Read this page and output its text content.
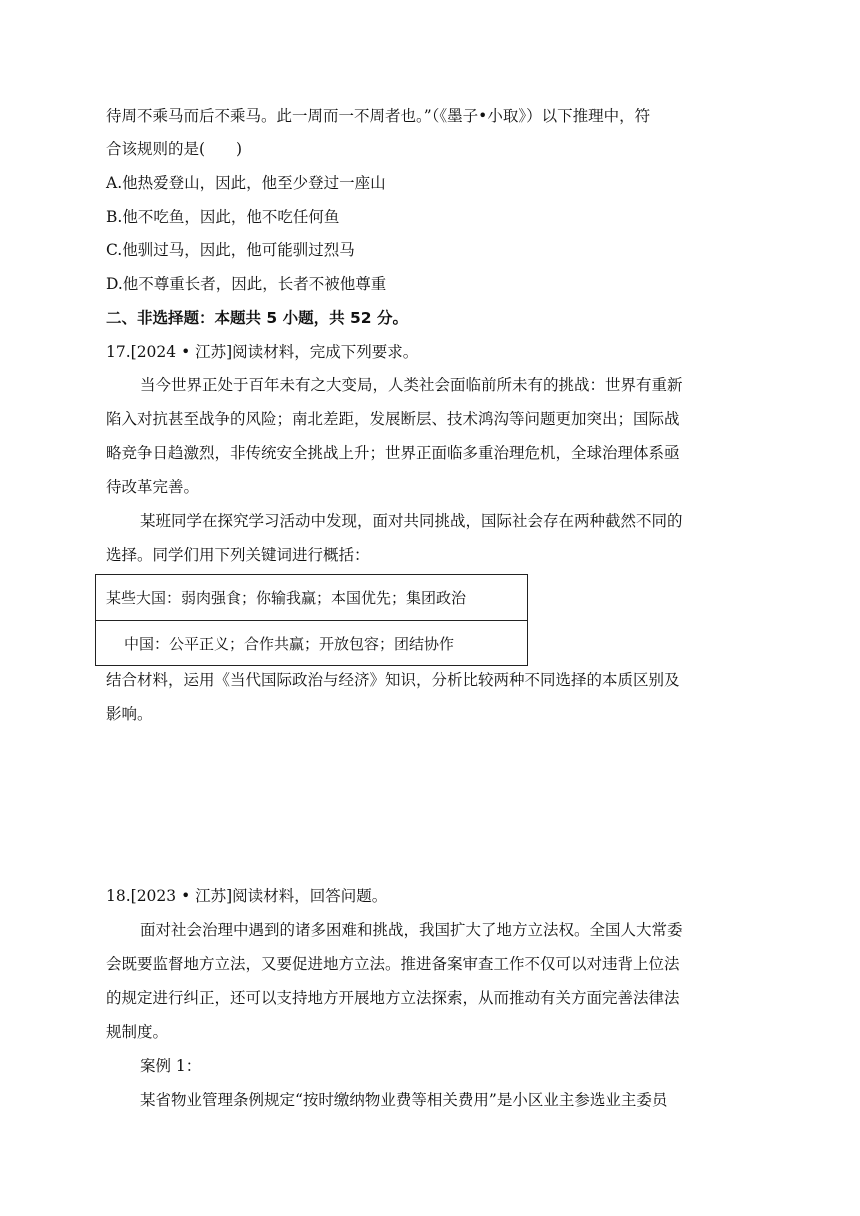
待周不乘马而后不乘马。此一周而一不周者也。”（《墨子•小取》）以下推理中，符
合该规则的是(　　)
A.他热爱登山，因此，他至少登过一座山
B.他不吃鱼，因此，他不吃任何鱼
C.他驯过马，因此，他可能驯过烈马
D.他不尊重长者，因此，长者不被他尊重
二、非选择题：本题共 5 小题，共 52 分。
17.[2024 • 江苏]阅读材料，完成下列要求。
当今世界正处于百年未有之大变局，人类社会面临前所未有的挑战：世界有重新
陷入对抗甚至战争的风险；南北差距，发展断层、技术鸿沟等问题更加突出；国际战
略竞争日趋激烈，非传统安全挑战上升；世界正面临多重治理危机，全球治理体系亟
待改革完善。
某班同学在探究学习活动中发现，面对共同挑战，国际社会存在两种截然不同的
选择。同学们用下列关键词进行概括：
某些大国：弱肉强食；你输我赢；本国优先；集团政治
中国：公平正义；合作共赢；开放包容；团结协作
结合材料，运用《当代国际政治与经济》知识，分析比较两种不同选择的本质区别及
影响。
18.[2023 • 江苏]阅读材料，回答问题。
面对社会治理中遇到的诸多困难和挑战，我国扩大了地方立法权。全国人大常委
会既要监督地方立法，又要促进地方立法。推进备案审查工作不仅可以对违背上位法
的规定进行纠正，还可以支持地方开展地方立法探索，从而推动有关方面完善法律法
规制度。
案例 1：
某省物业管理条例规定“按时缴纳物业费等相关费用”是小区业主参选业主委员
